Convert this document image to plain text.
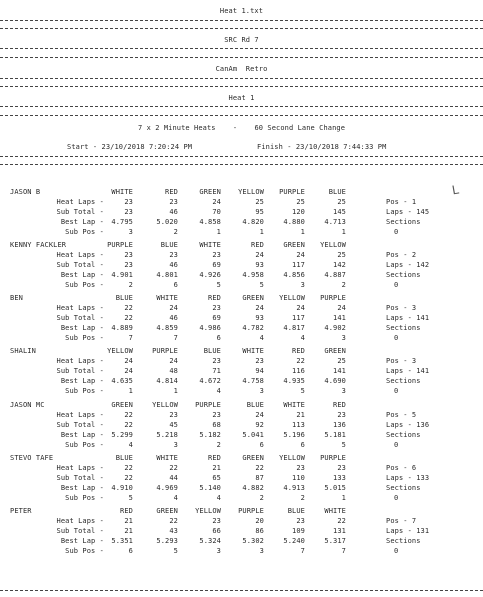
Heat 1.txt
SRC Rd 7
CanAm  Retro
Heat 1
7 x 2 Minute Heats    -    60 Second Lane Change
Start - 23/10/2018 7:20:24 PM	Finish - 23/10/2018 7:44:33 PM
L
JASON B	WHITE	RED	GREEN	YELLOW	PURPLE	BLUE
Heat Laps -	23	23	24	25	25	25
Sub Total -	23	46	70	95	120	145
Best Lap -	4.795	5.020	4.858	4.820	4.880	4.713
Sub Pos -	3	2	1	1	1	1
Pos - 1
Laps - 145
Sections
0
KENNY FACKLER	PURPLE	BLUE	WHITE	RED	GREEN	YELLOW
Heat Laps -	23	23	23	24	24	25
Sub Total -	23	46	69	93	117	142
Best Lap -	4.901	4.801	4.926	4.958	4.856	4.887
Sub Pos -	2	6	5	5	3	2
Pos - 2
Laps - 142
Sections
0
BEN	BLUE	WHITE	RED	GREEN	YELLOW	PURPLE
Heat Laps -	22	24	23	24	24	24
Sub Total -	22	46	69	93	117	141
Best Lap -	4.889	4.859	4.986	4.782	4.817	4.902
Sub Pos -	7	7	6	4	4	3
Pos - 3
Laps - 141
Sections
0
SHALIN	YELLOW	PURPLE	BLUE	WHITE	RED	GREEN
Heat Laps -	24	24	23	23	22	25
Sub Total -	24	48	71	94	116	141
Best Lap -	4.635	4.814	4.672	4.758	4.935	4.690
Sub Pos -	1	1	4	3	5	3
Pos - 3
Laps - 141
Sections
0
JASON MC	GREEN	YELLOW	PURPLE	BLUE	WHITE	RED
Heat Laps -	22	23	23	24	21	23
Sub Total -	22	45	68	92	113	136
Best Lap -	5.299	5.218	5.182	5.041	5.196	5.181
Sub Pos -	4	3	2	6	6	5
Pos - 5
Laps - 136
Sections
0
STEVO TAFE	BLUE	WHITE	RED	GREEN	YELLOW	PURPLE
Heat Laps -	22	22	21	22	23	23
Sub Total -	22	44	65	87	110	133
Best Lap -	4.910	4.969	5.140	4.882	4.913	5.015
Sub Pos -	5	4	4	2	2	1
Pos - 6
Laps - 133
Sections
0
PETER	RED	GREEN	YELLOW	PURPLE	BLUE	WHITE
Heat Laps -	21	22	23	20	23	22
Sub Total -	21	43	66	86	109	131
Best Lap -	5.351	5.293	5.324	5.302	5.240	5.317
Sub Pos -	6	5	3	3	7	7
Pos - 7
Laps - 131
Sections
0
